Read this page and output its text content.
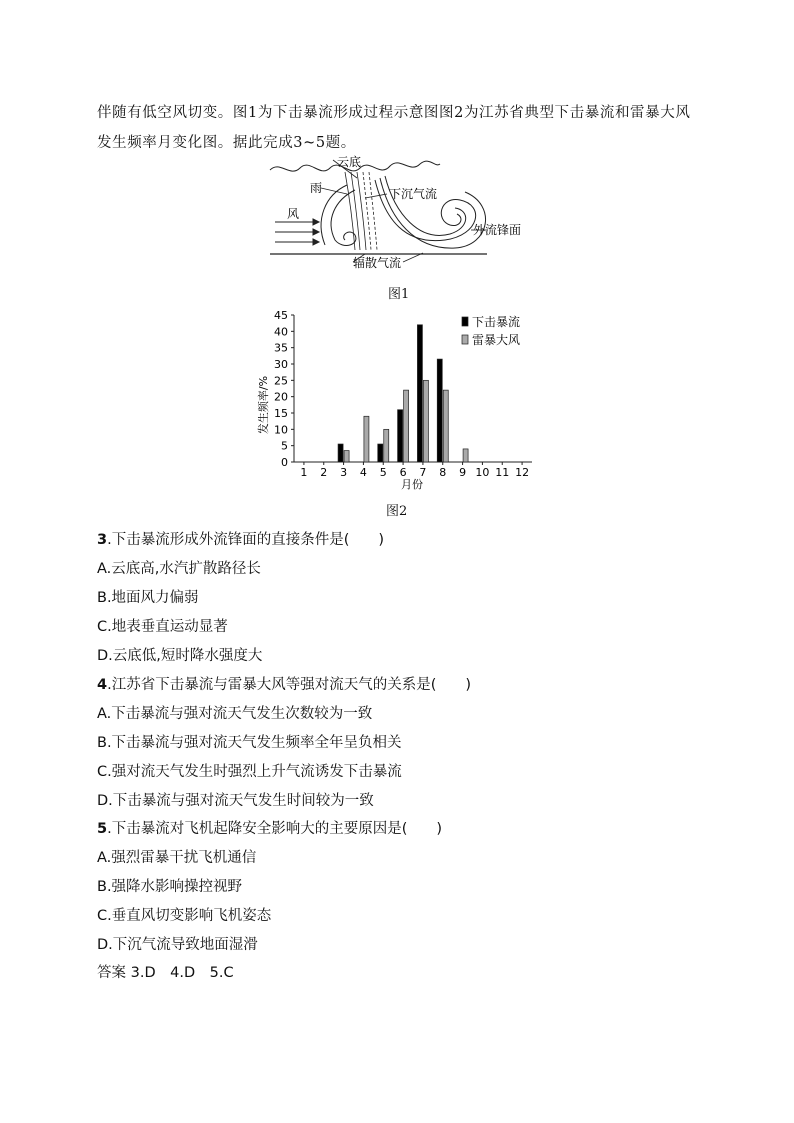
伴随有低空风切变。图1为下击暴流形成过程示意图图2为江苏省典型下击暴流和雷暴大风
发生频率月变化图。据此完成3~5题。
云底
雨	下沉气流
风
外流锋面
辐散气流
图1
0
5
10
15
20
25
30
35
40
45
1 2 3 4 5 6 7 8 9 10 11 12
下击暴流
雷暴大风
发生频率/%
月份
图2
3.下击暴流形成外流锋面的直接条件是(　　)
A.云底高,水汽扩散路径长
B.地面风力偏弱
C.地表垂直运动显著
D.云底低,短时降水强度大
4.江苏省下击暴流与雷暴大风等强对流天气的关系是(　　)
A.下击暴流与强对流天气发生次数较为一致
B.下击暴流与强对流天气发生频率全年呈负相关
C.强对流天气发生时强烈上升气流诱发下击暴流
D.下击暴流与强对流天气发生时间较为一致
5.下击暴流对飞机起降安全影响大的主要原因是(　　)
A.强烈雷暴干扰飞机通信
B.强降水影响操控视野
C.垂直风切变影响飞机姿态
D.下沉气流导致地面湿滑
答案 3.D　4.D　5.C
